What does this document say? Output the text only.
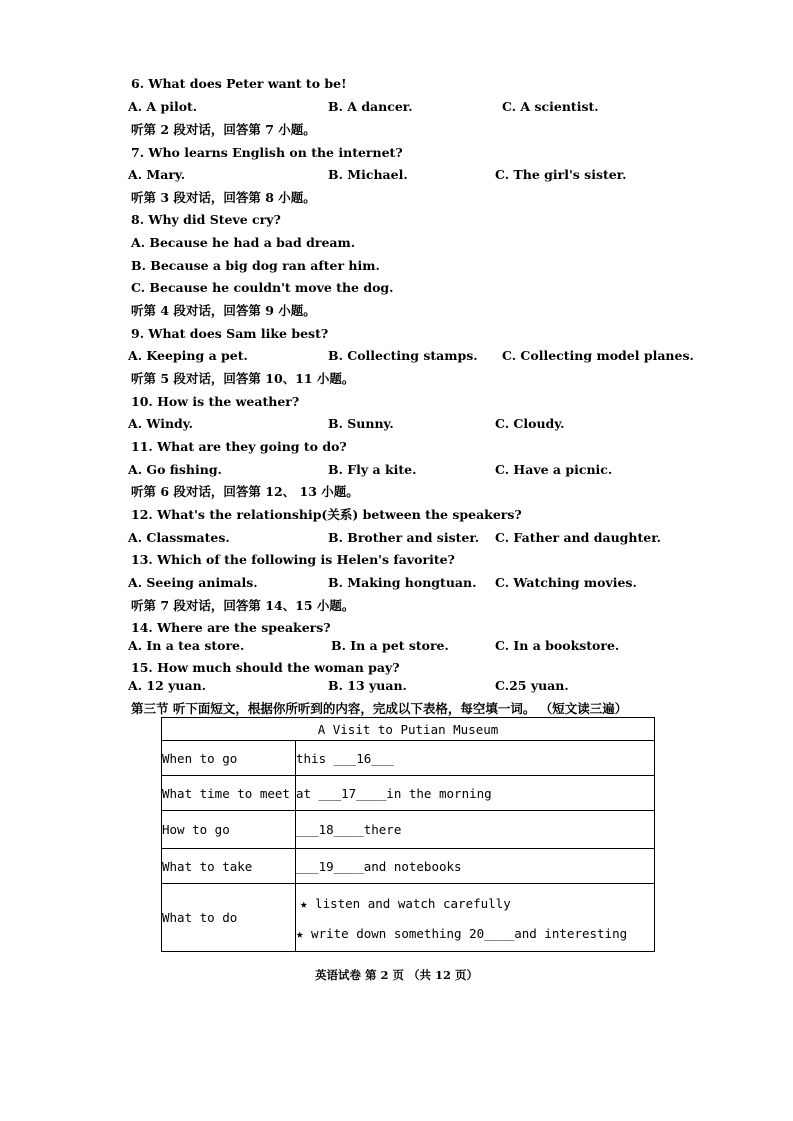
6. What does Peter want to be!
A. A pilot.	B. A dancer.	C. A scientist.
听第 2 段对话，回答第 7 小题。
7. Who learns English on the internet?
A. Mary.	B. Michael.	C. The girl's sister.
听第 3 段对话，回答第 8 小题。
8. Why did Steve cry?
A. Because he had a bad dream.
B. Because a big dog ran after him.
C. Because he couldn't move the dog.
听第 4 段对话，回答第 9 小题。
9. What does Sam like best?
A. Keeping a pet.	B. Collecting stamps. C. Collecting model planes.
听第 5 段对话，回答第 10、11 小题。
10. How is the weather?
A. Windy.	B. Sunny.	C. Cloudy.
11. What are they going to do?
A. Go fishing.	B. Fly a kite.	C. Have a picnic.
听第 6 段对话，回答第 12、 13 小题。
12. What's the relationship(关系) between the speakers?
A. Classmates.	B. Brother and sister. C. Father and daughter.
13. Which of the following is Helen's favorite?
A. Seeing animals.	B. Making hongtuan. C. Watching movies.
听第 7 段对话，回答第 14、15 小题。
14. Where are the speakers?
A. In a tea store.	B. In a pet store.	C. In a bookstore.
15. How much should the woman pay?
A. 12 yuan.	B. 13 yuan.	C.25 yuan.
第三节 听下面短文，根据你所听到的内容，完成以下表格，每空填一词。 （短文读三遍）
A Visit to Putian Museum	
When to go	this ___16___
What time to meet	at ___17____in the morning
How to go	___18____there
What to take	___19____and notebooks
What to do	★ listen and watch carefully
★ write down something 20____and interesting
英语试卷 第 2 页 （共 12 页）
